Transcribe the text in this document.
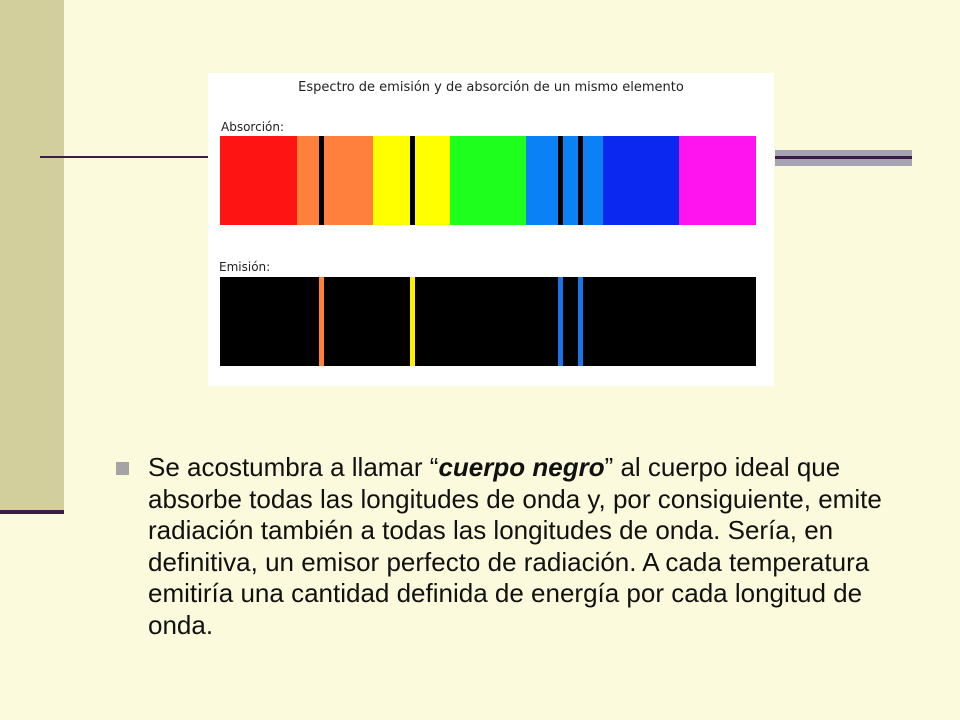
Espectro de emisión y de absorción de un mismo elemento
Absorción:
Emisión:
Se acostumbra a llamar “cuerpo negro” al cuerpo ideal que absorbe todas las longitudes de onda y, por consiguiente, emite radiación también a todas las longitudes de onda. Sería, en definitiva, un emisor perfecto de radiación. A cada temperatura emitiría una cantidad definida de energía por cada longitud de onda.
